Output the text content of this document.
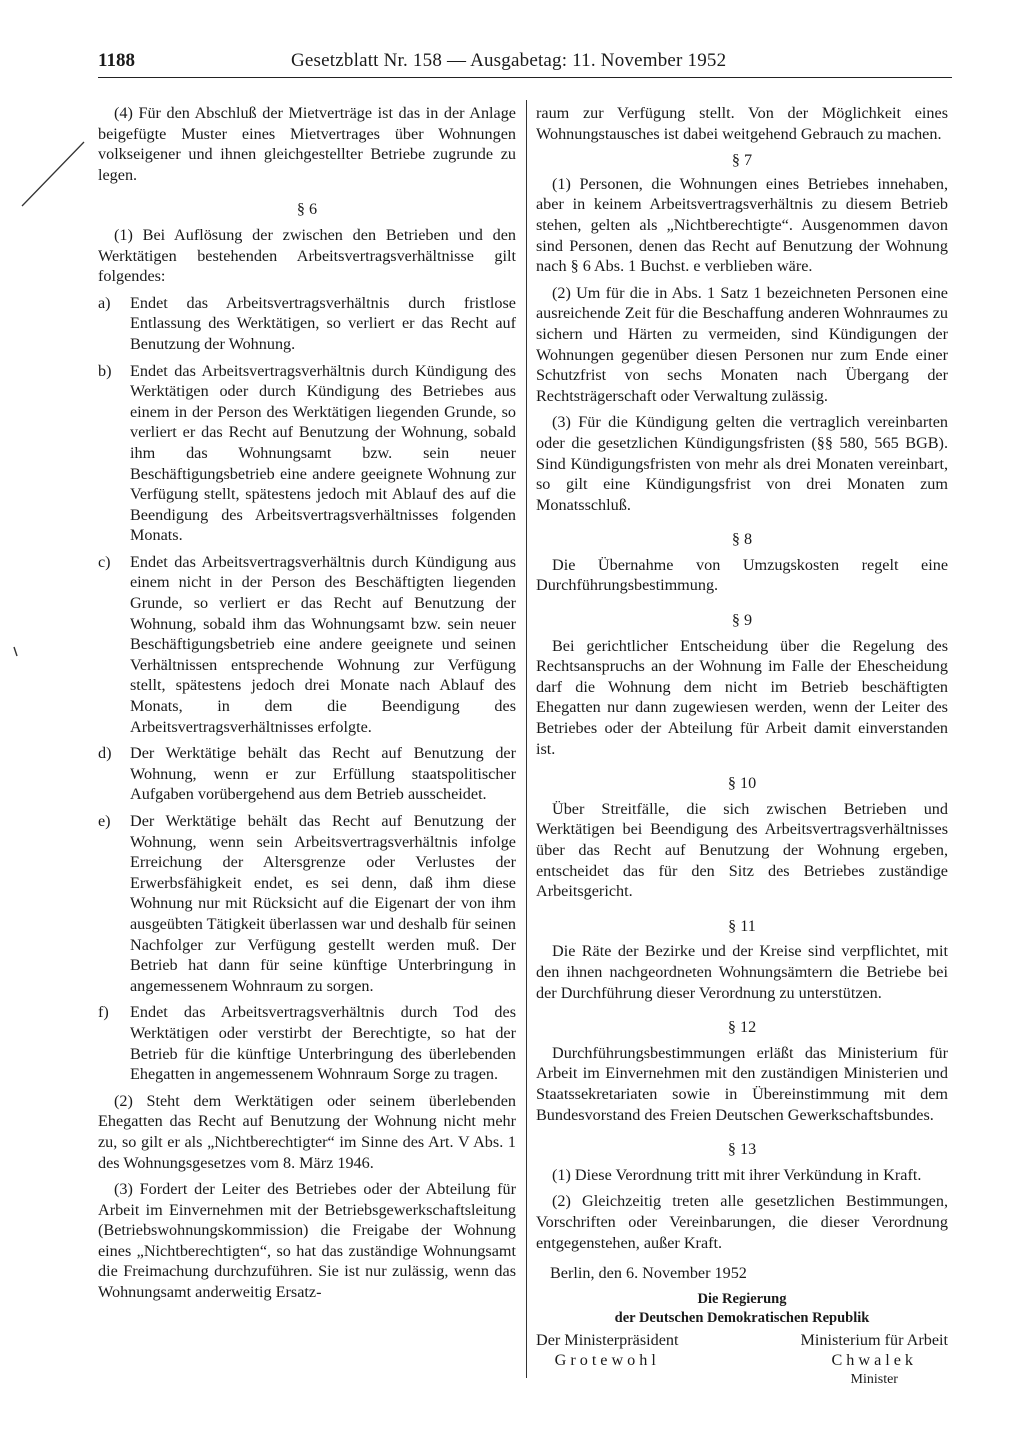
1188	Gesetzblatt Nr. 158 — Ausgabetag: 11. November 1952

(4) Für den Abschluß der Mietverträge ist das in der Anlage beigefügte Muster eines Mietvertrages über Wohnungen volkseigener und ihnen gleichgestellter Betriebe zugrunde zu legen.

§ 6

(1) Bei Auflösung der zwischen den Betrieben und den Werktätigen bestehenden Arbeitsvertragsverhältnisse gilt folgendes:

a)	Endet das Arbeitsvertragsverhältnis durch fristlose Entlassung des Werktätigen, so verliert er das Recht auf Benutzung der Wohnung.
b)	Endet das Arbeitsvertragsverhältnis durch Kündigung des Werktätigen oder durch Kündigung des Betriebes aus einem in der Person des Werktätigen liegenden Grunde, so verliert er das Recht auf Benutzung der Wohnung, sobald ihm das Wohnungsamt bzw. sein neuer Beschäftigungsbetrieb eine andere geeignete Wohnung zur Verfügung stellt, spätestens jedoch mit Ablauf des auf die Beendigung des Arbeitsvertragsverhältnisses folgenden Monats.
c)	Endet das Arbeitsvertragsverhältnis durch Kündigung aus einem nicht in der Person des Beschäftigten liegenden Grunde, so verliert er das Recht auf Benutzung der Wohnung, sobald ihm das Wohnungsamt bzw. sein neuer Beschäftigungsbetrieb eine andere geeignete und seinen Verhältnissen entsprechende Wohnung zur Verfügung stellt, spätestens jedoch drei Monate nach Ablauf des Monats, in dem die Beendigung des Arbeitsvertragsverhältnisses erfolgte.
d)	Der Werktätige behält das Recht auf Benutzung der Wohnung, wenn er zur Erfüllung staatspolitischer Aufgaben vorübergehend aus dem Betrieb ausscheidet.
e)	Der Werktätige behält das Recht auf Benutzung der Wohnung, wenn sein Arbeitsvertragsverhältnis infolge Erreichung der Altersgrenze oder Verlustes der Erwerbsfähigkeit endet, es sei denn, daß ihm diese Wohnung nur mit Rücksicht auf die Eigenart der von ihm ausgeübten Tätigkeit überlassen war und deshalb für seinen Nachfolger zur Verfügung gestellt werden muß. Der Betrieb hat dann für seine künftige Unterbringung in angemessenem Wohnraum zu sorgen.
f)	Endet das Arbeitsvertragsverhältnis durch Tod des Werktätigen oder verstirbt der Berechtigte, so hat der Betrieb für die künftige Unterbringung des überlebenden Ehegatten in angemessenem Wohnraum Sorge zu tragen.

(2) Steht dem Werktätigen oder seinem überlebenden Ehegatten das Recht auf Benutzung der Wohnung nicht mehr zu, so gilt er als „Nichtberechtigter“ im Sinne des Art. V Abs. 1 des Wohnungsgesetzes vom 8. März 1946.

(3) Fordert der Leiter des Betriebes oder der Abteilung für Arbeit im Einvernehmen mit der Betriebsgewerkschaftsleitung (Betriebswohnungskommission) die Freigabe der Wohnung eines „Nichtberechtigten“, so hat das zuständige Wohnungsamt die Freimachung durchzuführen. Sie ist nur zulässig, wenn das Wohnungsamt anderweitig Ersatz-

raum zur Verfügung stellt. Von der Möglichkeit eines Wohnungstausches ist dabei weitgehend Gebrauch zu machen.

§ 7

(1) Personen, die Wohnungen eines Betriebes innehaben, aber in keinem Arbeitsvertragsverhältnis zu diesem Betrieb stehen, gelten als „Nichtberechtigte“. Ausgenommen davon sind Personen, denen das Recht auf Benutzung der Wohnung nach § 6 Abs. 1 Buchst. e verblieben wäre.

(2) Um für die in Abs. 1 Satz 1 bezeichneten Personen eine ausreichende Zeit für die Beschaffung anderen Wohnraumes zu sichern und Härten zu vermeiden, sind Kündigungen der Wohnungen gegenüber diesen Personen nur zum Ende einer Schutzfrist von sechs Monaten nach Übergang der Rechtsträgerschaft oder Verwaltung zulässig.

(3) Für die Kündigung gelten die vertraglich vereinbarten oder die gesetzlichen Kündigungsfristen (§§ 580, 565 BGB). Sind Kündigungsfristen von mehr als drei Monaten vereinbart, so gilt eine Kündigungsfrist von drei Monaten zum Monatsschluß.

§ 8

Die Übernahme von Umzugskosten regelt eine Durchführungsbestimmung.

§ 9

Bei gerichtlicher Entscheidung über die Regelung des Rechtsanspruchs an der Wohnung im Falle der Ehescheidung darf die Wohnung dem nicht im Betrieb beschäftigten Ehegatten nur dann zugewiesen werden, wenn der Leiter des Betriebes oder der Abteilung für Arbeit damit einverstanden ist.

§ 10

Über Streitfälle, die sich zwischen Betrieben und Werktätigen bei Beendigung des Arbeitsvertragsverhältnisses über das Recht auf Benutzung der Wohnung ergeben, entscheidet das für den Sitz des Betriebes zuständige Arbeitsgericht.

§ 11

Die Räte der Bezirke und der Kreise sind verpflichtet, mit den ihnen nachgeordneten Wohnungsämtern die Betriebe bei der Durchführung dieser Verordnung zu unterstützen.

§ 12

Durchführungsbestimmungen erläßt das Ministerium für Arbeit im Einvernehmen mit den zuständigen Ministerien und Staatssekretariaten sowie in Übereinstimmung mit dem Bundesvorstand des Freien Deutschen Gewerkschaftsbundes.

§ 13

(1) Diese Verordnung tritt mit ihrer Verkündung in Kraft.

(2) Gleichzeitig treten alle gesetzlichen Bestimmungen, Vorschriften oder Vereinbarungen, die dieser Verordnung entgegenstehen, außer Kraft.

Berlin, den 6. November 1952

Die Regierung
der Deutschen Demokratischen Republik
Der Ministerpräsident
Grotewohl
Ministerium für Arbeit
Chwalek
Minister
